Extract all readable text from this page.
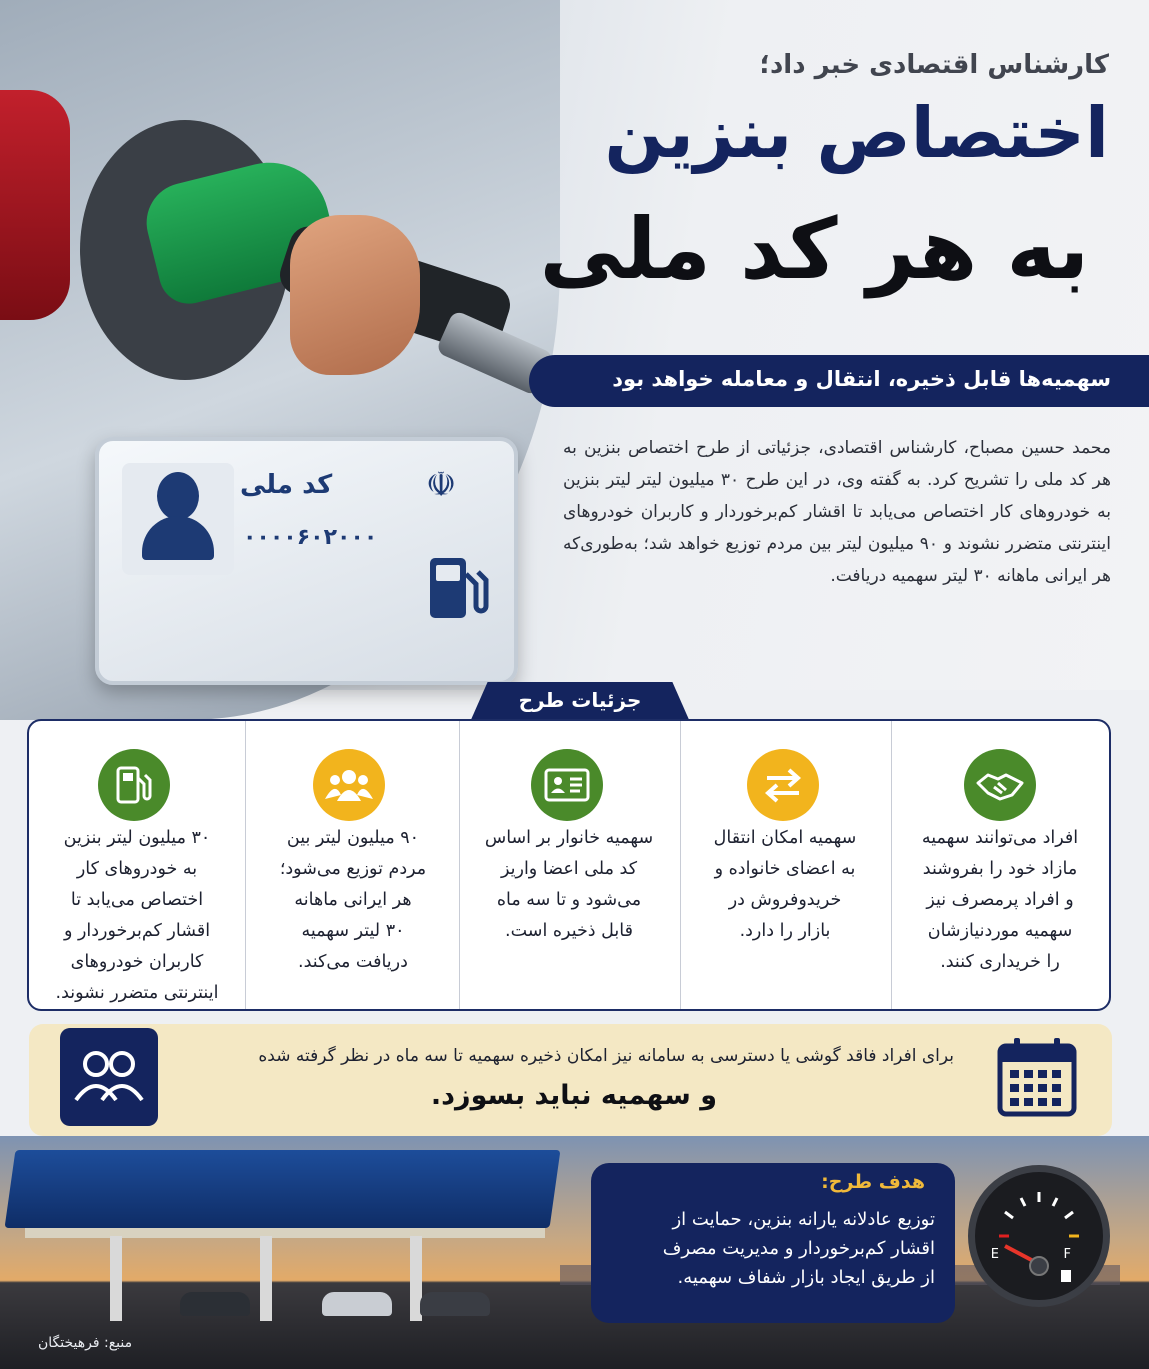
کارشناس اقتصادی خبر داد؛
اختصاص بنزین
به هر کد ملی
سهمیه‌ها قابل ذخیره، انتقال و معامله خواهد بود
محمد حسین مصباح، کارشناس اقتصادی، جزئیاتی از طرح اختصاص بنزین به هر کد ملی را تشریح کرد. به گفته وی، در این طرح ۳۰ میلیون لیتر لیتر بنزین به خودروهای کار اختصاص می‌یابد تا اقشار کم‌برخوردار و کاربران خودروهای اینترنتی متضرر نشوند و ۹۰ میلیون لیتر بین مردم توزیع خواهد شد؛ به‌طوری‌که هر ایرانی ماهانه ۳۰ لیتر سهمیه دریافت.
کد ملی
۰۰۰۰۶۰۲۰۰۰
☫
جزئیات طرح
افراد می‌توانند سهمیه
مازاد خود را بفروشند
و افراد پرمصرف نیز
سهمیه موردنیازشان
را خریداری کنند.
سهمیه امکان انتقال
به اعضای خانواده و
خریدوفروش در
بازار را دارد.
سهمیه خانوار بر اساس
کد ملی اعضا واریز
می‌شود و تا سه ماه
قابل ذخیره است.
۹۰ میلیون لیتر بین
مردم توزیع می‌شود؛
هر ایرانی ماهانه
۳۰ لیتر سهمیه
دریافت می‌کند.
۳۰ میلیون لیتر بنزین
به خودروهای کار
اختصاص می‌یابد تا
اقشار کم‌برخوردار و
کاربران خودروهای
اینترنتی متضرر نشوند.
برای افراد فاقد گوشی یا دسترسی به سامانه نیز امکان ذخیره سهمیه تا سه ماه در نظر گرفته شده
و سهمیه نباید بسوزد.
هدف طرح:
توزیع عادلانه یارانه بنزین، حمایت از
اقشار کم‌برخوردار و مدیریت مصرف
از طریق ایجاد بازار شفاف سهمیه.
E	F
منبع: فرهیختگان
